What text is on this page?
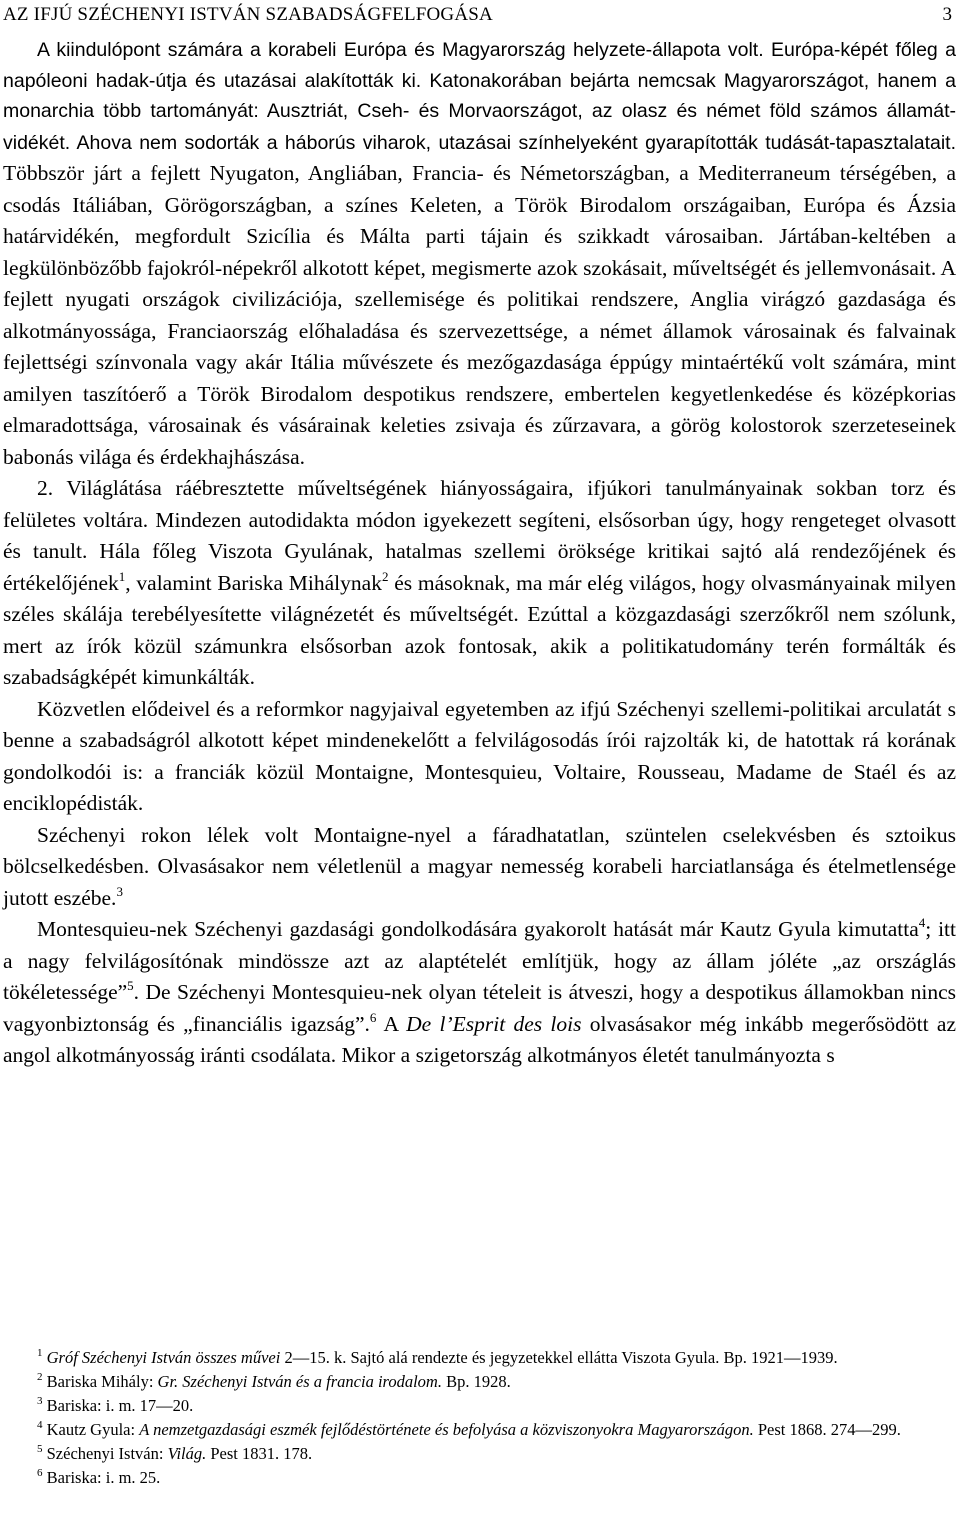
AZ IFJÚ SZÉCHENYI ISTVÁN SZABADSÁGFELFOGÁSA	3

A kiindulópont számára a korabeli Európa és Magyarország helyzete-állapota volt. Európa-képét főleg a napóleoni hadak-útja és utazásai alakították ki. Katonakorában bejárta nemcsak Magyarországot, hanem a monarchia több tartományát: Ausztriát, Cseh- és Morvaországot, az olasz és német föld számos államát-vidékét. Ahova nem sodorták a háborús viharok, utazásai színhelyeként gyarapították tudását-tapasztalatait. Többször járt a fejlett Nyugaton, Angliában, Francia- és Németországban, a Mediterraneum térségében, a csodás Itáliában, Görögországban, a színes Keleten, a Török Birodalom országaiban, Európa és Ázsia határvidékén, megfordult Szicília és Málta parti tájain és szikkadt városaiban. Jártában-keltében a legkülönbözőbb fajokról-népekről alkotott képet, megismerte azok szokásait, műveltségét és jellemvonásait. A fejlett nyugati országok civilizációja, szellemisége és politikai rendszere, Anglia virágzó gazdasága és alkotmányossága, Franciaország előhaladása és szervezettsége, a német államok városainak és falvainak fejlettségi színvonala vagy akár Itália művészete és mezőgazdasága éppúgy mintaértékű volt számára, mint amilyen taszítóerő a Török Birodalom despotikus rendszere, embertelen kegyetlenkedése és középkorias elmaradottsága, városainak és vásárainak keleties zsivaja és zűrzavara, a görög kolostorok szerzeteseinek babonás világa és érdekhajhászása.

2. Világlátása ráébresztette műveltségének hiányosságaira, ifjúkori tanulmányainak sokban torz és felületes voltára. Mindezen autodidakta módon igyekezett segíteni, elsősorban úgy, hogy rengeteget olvasott és tanult. Hála főleg Viszota Gyulának, hatalmas szellemi öröksége kritikai sajtó alá rendezőjének és értékelőjének$^1$, valamint Bariska Mihálynak$^2$ és másoknak, ma már elég világos, hogy olvasmányainak milyen széles skálája terebélyesítette világnézetét és műveltségét. Ezúttal a közgazdasági szerzőkről nem szólunk, mert az írók közül számunkra elsősorban azok fontosak, akik a politikatudomány terén formálták és szabadságképét kimunkálták.

Közvetlen elődeivel és a reformkor nagyjaival egyetemben az ifjú Széchenyi szellemi-politikai arculatát s benne a szabadságról alkotott képet mindenekelőtt a felvilágosodás írói rajzolták ki, de hatottak rá korának gondolkodói is: a franciák közül Montaigne, Montesquieu, Voltaire, Rousseau, Madame de Staél és az enciklopédisták.

Széchenyi rokon lélek volt Montaigne-nyel a fáradhatatlan, szüntelen cselekvésben és sztoikus bölcselkedésben. Olvasásakor nem véletlenül a magyar nemesség korabeli harciatlansága és ételmetlensége jutott eszébe.$^3$

Montesquieu-nek Széchenyi gazdasági gondolkodására gyakorolt hatását már Kautz Gyula kimutatta$^4$; itt a nagy felvilágosítónak mindössze azt az alaptételét említjük, hogy az állam jóléte „az országlás tökéletessége”$^5$. De Széchenyi Montesquieu-nek olyan tételeit is átveszi, hogy a despotikus államokban nincs vagyonbiztonság és „financiális igazság”.$^6$ A De l’Esprit des lois olvasásakor még inkább megerősödött az angol alkotmányosság iránti csodálata. Mikor a szigetország alkotmányos életét tanulmányozta s

$^1$ Gróf Széchenyi István összes művei 2—15. k. Sajtó alá rendezte és jegyzetekkel ellátta Viszota Gyula. Bp. 1921—1939.

$^2$ Bariska Mihály: Gr. Széchenyi István és a francia irodalom. Bp. 1928.

$^3$ Bariska: i. m. 17—20.

$^4$ Kautz Gyula: A nemzetgazdasági eszmék fejlődéstörténete és befolyása a közviszonyokra Magyarországon. Pest 1868. 274—299.

$^5$ Széchenyi István: Világ. Pest 1831. 178.

$^6$ Bariska: i. m. 25.
